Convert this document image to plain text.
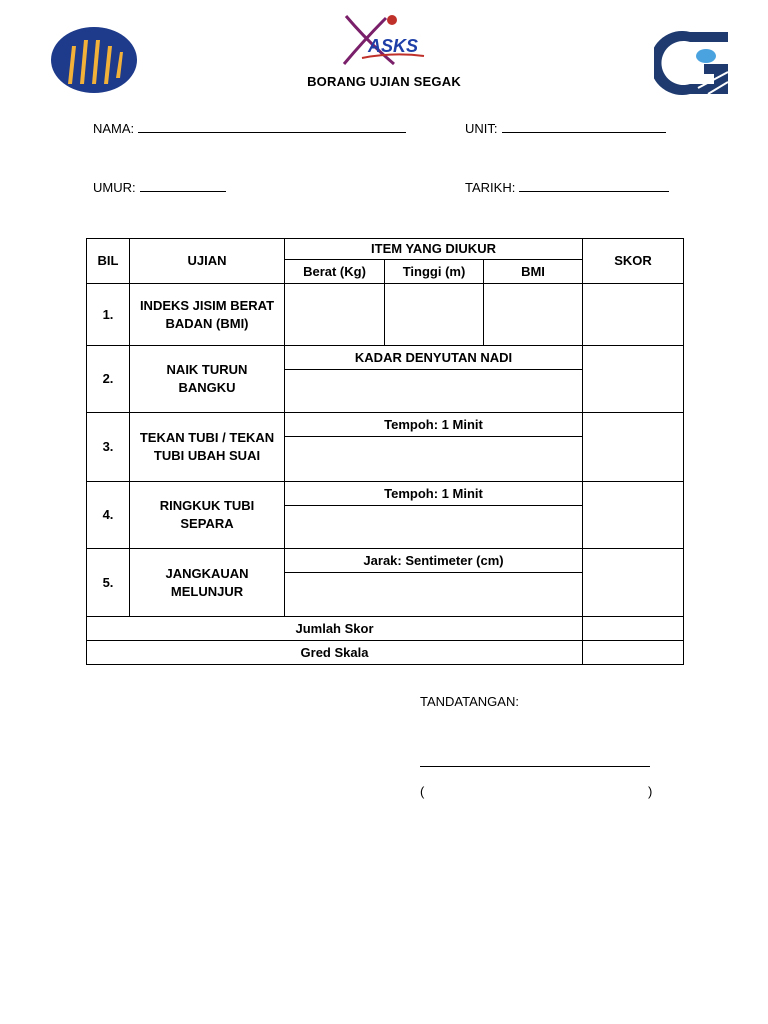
ASKS
IPG
BORANG UJIAN SEGAK
NAMA:	UNIT:
UMUR:	TARIKH:
BIL	UJIAN	ITEM YANG DIUKUR			SKOR
		Berat (Kg)	Tinggi (m)	BMI	
1.	INDEKS JISIM BERAT BADAN (BMI)				
2.	NAIK TURUN BANGKU	KADAR DENYUTAN NADI			

3.	TEKAN TUBI / TEKAN TUBI UBAH SUAI	Tempoh: 1 Minit			

4.	RINGKUK TUBI SEPARA	Tempoh: 1 Minit			

5.	JANGKAUAN MELUNJUR	Jarak: Sentimeter (cm)			

Jumlah Skor					
Gred Skala					
TANDATANGAN:
(	)
